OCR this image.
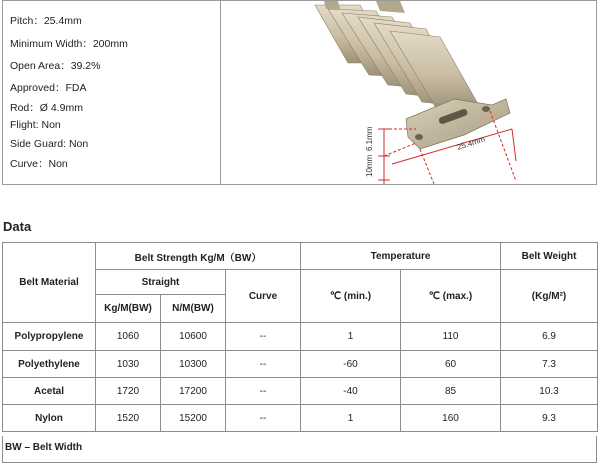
Pitch：25.4mm
Minimum Width：200mm
Open Area：39.2%
Approved：FDA
Rod：Ø 4.9mm
Flight: Non
Side Guard: Non
Curve：Non
6.1mm
10mm
25.4mm
Data
Belt Material	Belt Strength Kg/M（BW）			Temperature		Belt Weight
	Straight		Curve	℃ (min.)	℃ (max.)	(Kg/M²)
	Kg/M(BW)	N/M(BW)				
Polypropylene	1060	10600	--	1	110	6.9
Polyethylene	1030	10300	--	-60	60	7.3
Acetal	1720	17200	--	-40	85	10.3
Nylon	1520	15200	--	1	160	9.3
BW – Belt Width
